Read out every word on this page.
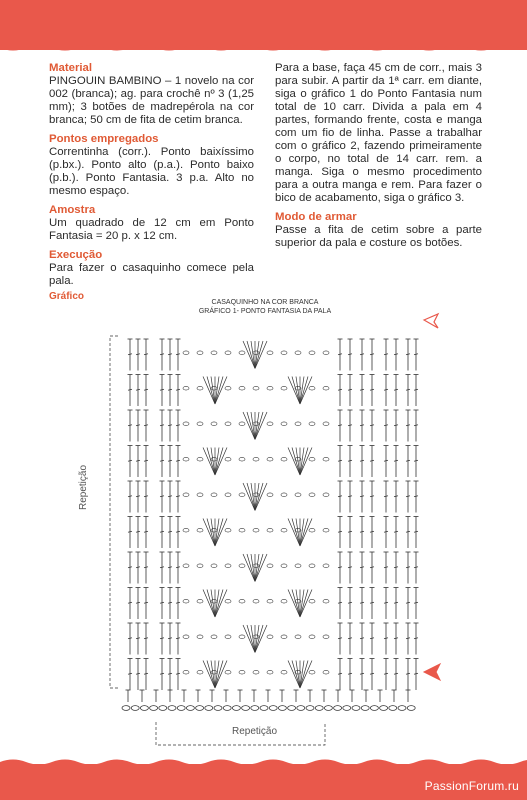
Material

PINGOUIN BAMBINO – 1 novelo na cor 002 (branca); ag. para crochê nº 3 (1,25 mm); 3 botões de madrepérola na cor branca; 50 cm de fita de cetim branca.

Pontos empregados

Correntinha (corr.). Ponto baixíssimo (p.bx.). Ponto alto (p.a.). Ponto baixo (p.b.). Ponto Fantasia. 3 p.a. Alto no mesmo espaço.

Amostra

Um quadrado de 12 cm em Ponto Fantasia = 20 p. x 12 cm.

Execução

Para fazer o casaquinho comece pela pala.

Para a base, faça 45 cm de corr., mais 3 para subir. A partir da 1ª carr. em diante, siga o gráfico 1 do Ponto Fantasia num total de 10 carr. Divida a pala em 4 partes, formando frente, costa e manga com um fio de linha. Passe a trabalhar com o gráfico 2, fazendo primeiramente o corpo, no total de 14 carr. rem. a manga. Siga o mesmo procedimento para a outra manga e rem. Para fazer o bico de acabamento, siga o gráfico 3.

Modo de armar

Passe a fita de cetim sobre a parte superior da pala e costure os botões.

Gráfico
CASAQUINHO NA COR BRANCA
GRÁFICO 1- PONTO FANTASIA DA PALA
Repetição
Repetição
PassionForum.ru
